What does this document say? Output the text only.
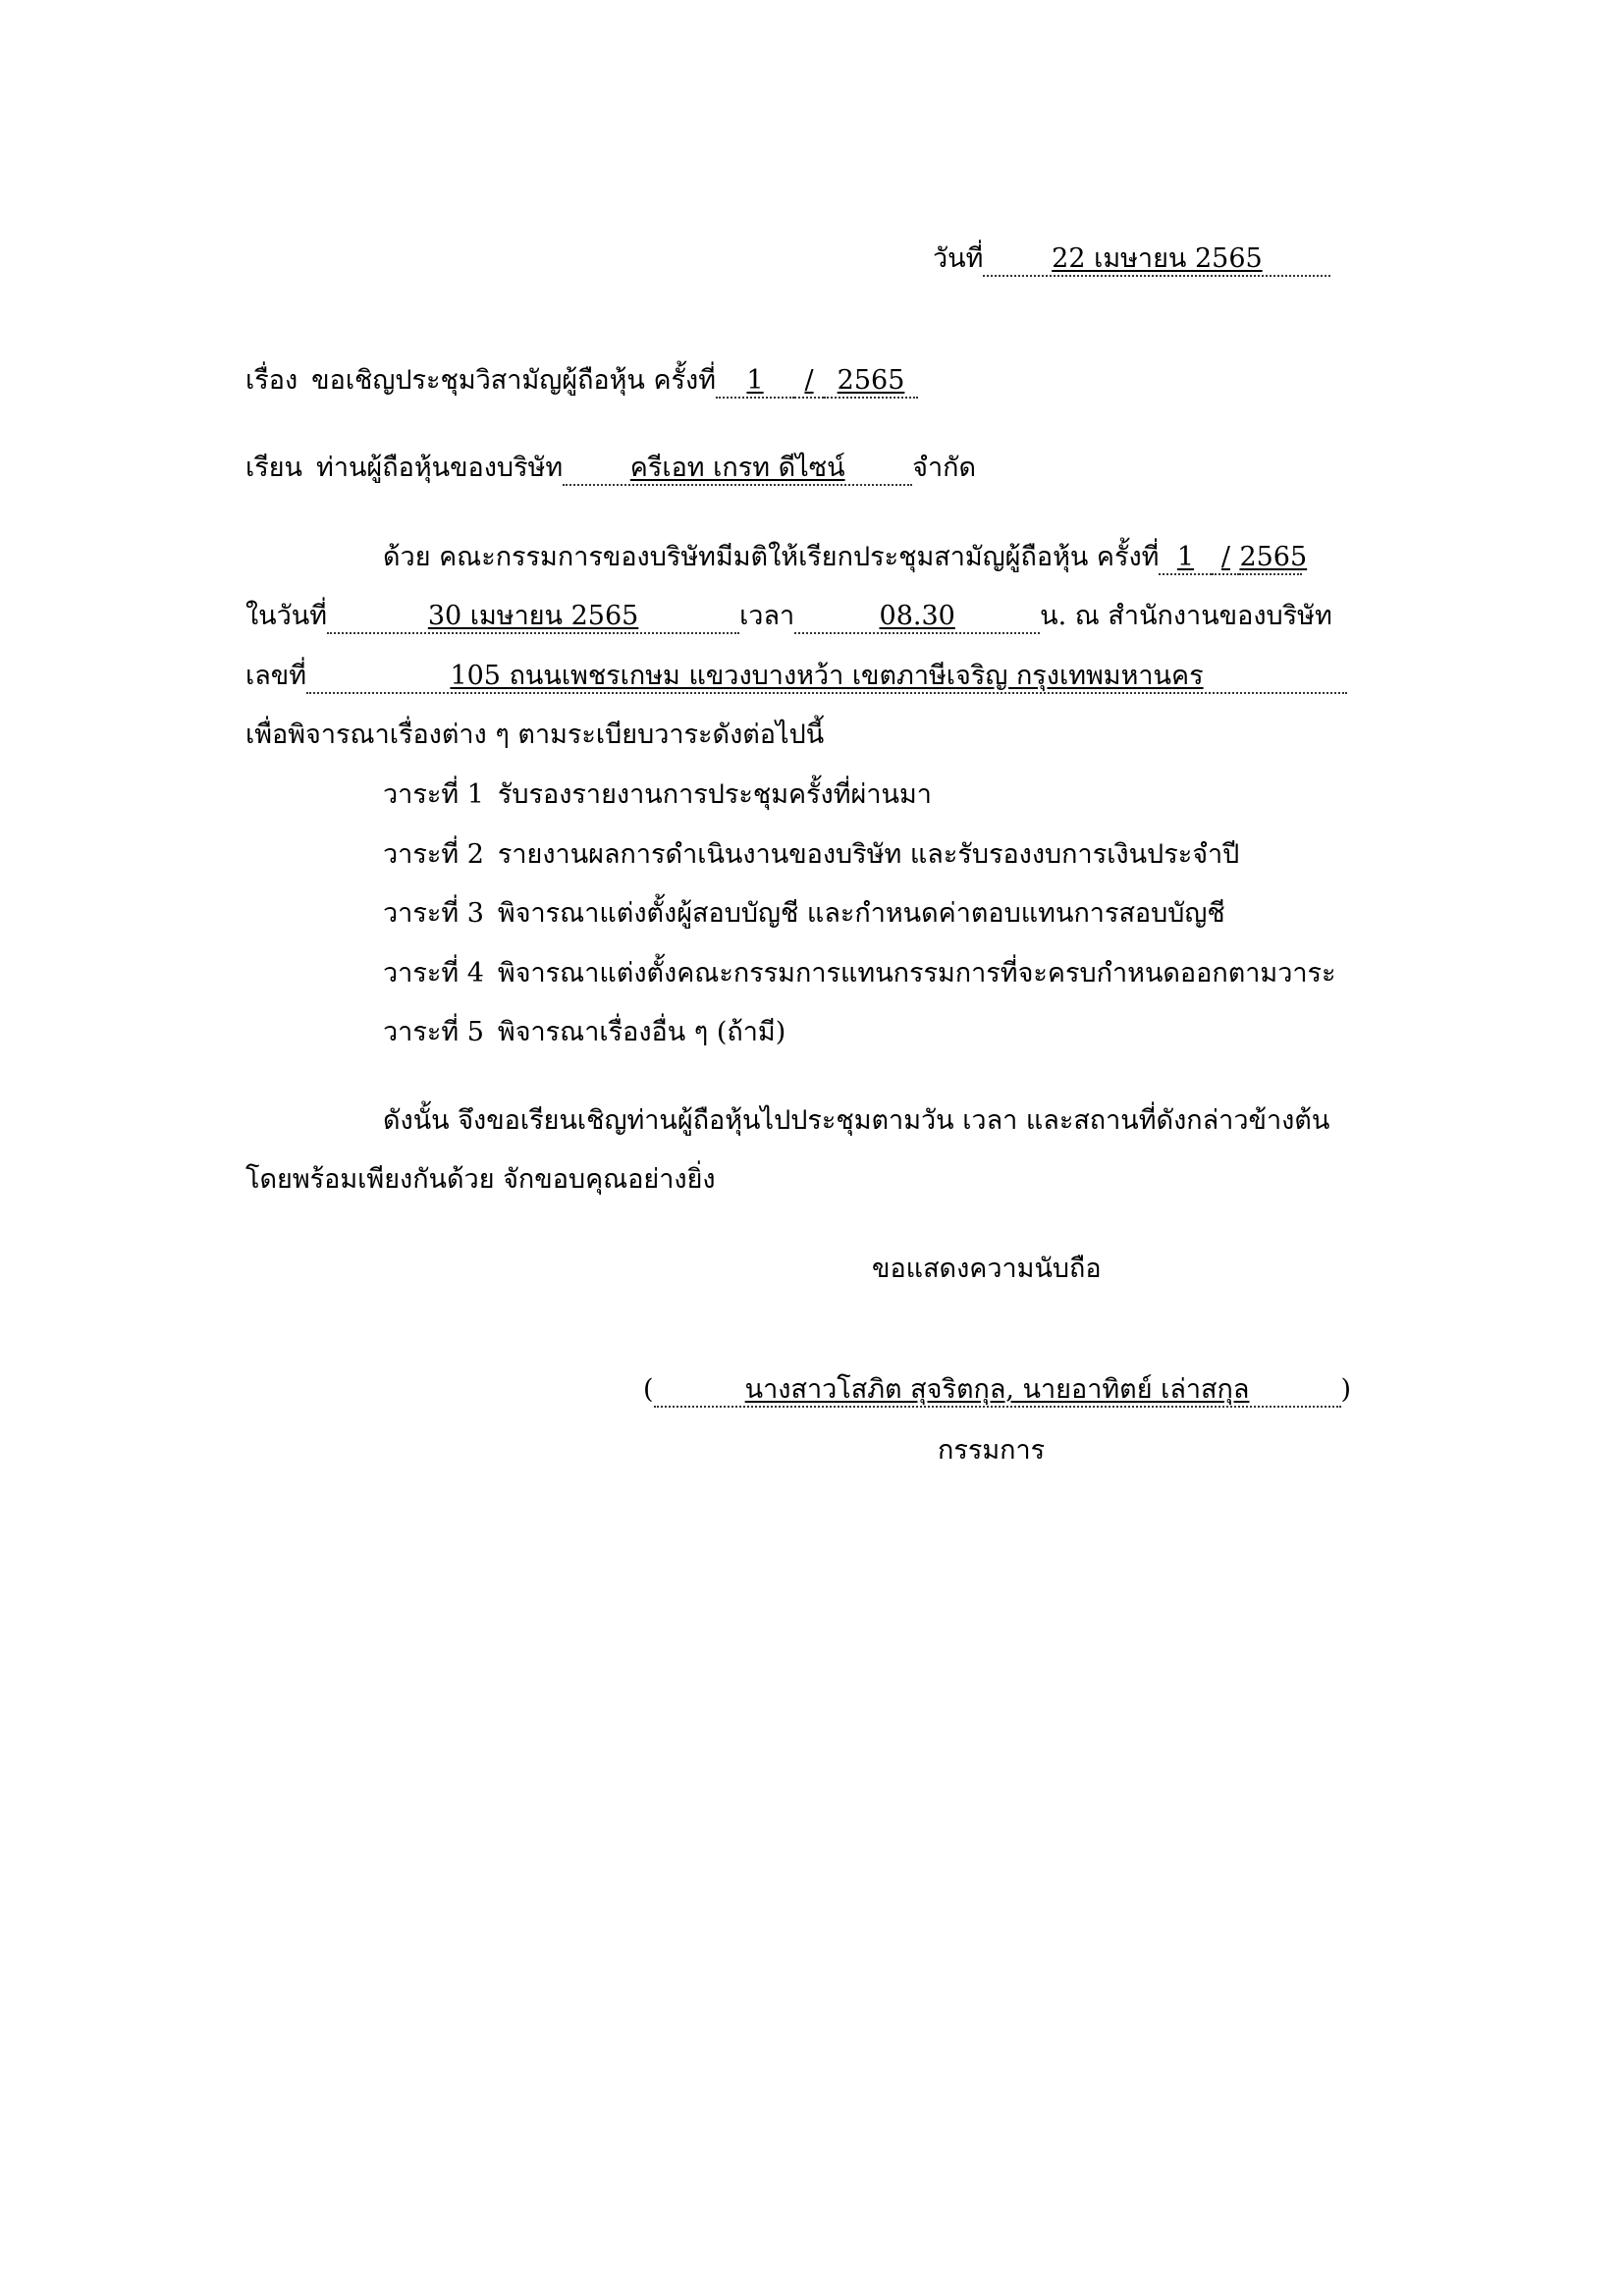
วันที่	22 เมษายน 2565
เรื่อง ขอเชิญประชุมวิสามัญผู้ถือหุ้น ครั้งที่ 1 / 2565
เรียน ท่านผู้ถือหุ้นของบริษัท	ครีเอท เกรท ดีไซน์	จำกัด
ด้วย คณะกรรมการของบริษัทมีมติให้เรียกประชุมสามัญผู้ถือหุ้น ครั้งที่ 1 / 2565
ในวันที่	30 เมษายน 2565	เวลา	08.30	น. ณ สำนักงานของบริษัท
เลขที่	105 ถนนเพชรเกษม แขวงบางหว้า เขตภาษีเจริญ กรุงเทพมหานคร
เพื่อพิจารณาเรื่องต่าง ๆ ตามระเบียบวาระดังต่อไปนี้
วาระที่ 1 รับรองรายงานการประชุมครั้งที่ผ่านมา
วาระที่ 2 รายงานผลการดำเนินงานของบริษัท และรับรองงบการเงินประจำปี
วาระที่ 3 พิจารณาแต่งตั้งผู้สอบบัญชี และกำหนดค่าตอบแทนการสอบบัญชี
วาระที่ 4 พิจารณาแต่งตั้งคณะกรรมการแทนกรรมการที่จะครบกำหนดออกตามวาระ
วาระที่ 5 พิจารณาเรื่องอื่น ๆ (ถ้ามี)
ดังนั้น จึงขอเรียนเชิญท่านผู้ถือหุ้นไปประชุมตามวัน เวลา และสถานที่ดังกล่าวข้างต้น
โดยพร้อมเพียงกันด้วย จักขอบคุณอย่างยิ่ง
ขอแสดงความนับถือ
(	นางสาวโสภิต สุจริตกุล, นายอาทิตย์ เล่าสกุล	)
กรรมการ
